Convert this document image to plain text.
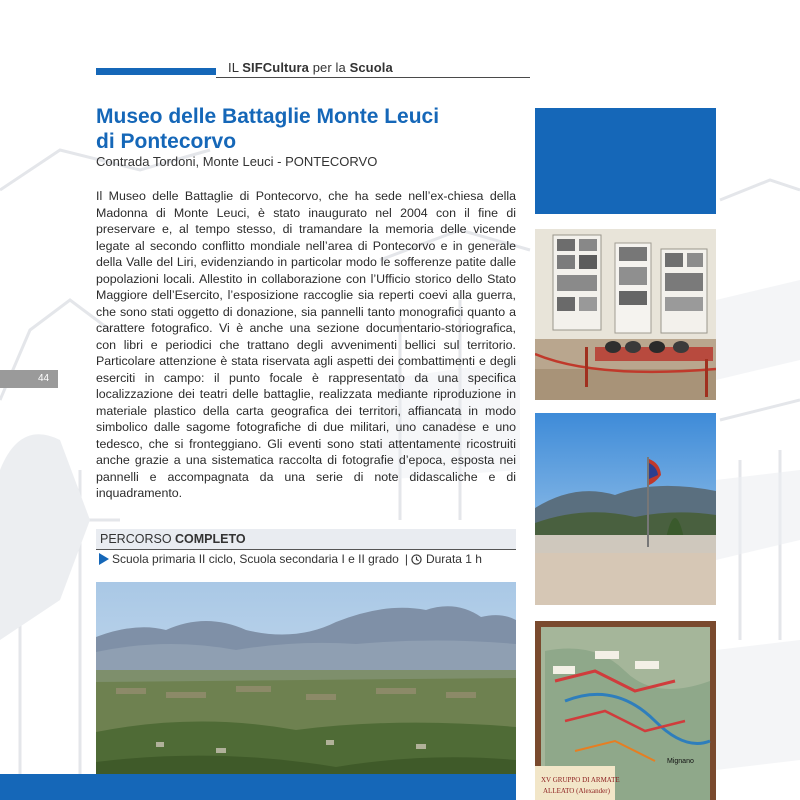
IL SIFCultura per la Scuola
Museo delle Battaglie Monte Leuci
di Pontecorvo
Contrada Tordoni, Monte Leuci - PONTECORVO

Il Museo delle Battaglie di Pontecorvo, che ha sede nell’ex-chiesa della Madonna di Monte Leuci, è stato inaugurato nel 2004 con il fine di preservare e, al tempo stesso, di tramandare la memoria delle vicende legate al secondo conflitto mondiale nell’area di Pontecorvo e in generale della Valle del Liri, evidenziando in particolar modo le sofferenze patite dalle popolazioni locali. Allestito in collaborazione con l’Ufficio storico dello Stato Maggiore dell’Esercito, l’esposizione raccoglie sia reperti coevi alla guerra, che sono stati oggetto di donazione, sia pannelli tanto monografici quanto a carattere fotografico. Vi è anche una sezione documentario-storiografica, con libri e periodici che trattano degli avvenimenti bellici sul territorio. Particolare attenzione è stata riservata agli aspetti dei combattimenti e degli eserciti in campo: il punto focale è rappresentato da una specifica localizzazione dei teatri delle battaglie, realizzata mediante riproduzione in materiale plastico della carta geografica dei territori, affiancata in modo simbolico dalle sagome fotografiche di due militari, uno canadese e uno tedesco, che si fronteggiano. Gli eventi sono stati attentamente ricostruiti anche grazie a una sistematica raccolta di fotografie d’epoca, esposta nei pannelli e accompagnata da una serie di note didascaliche e di inquadramento.

44
PERCORSO COMPLETO
Scuola primaria II ciclo, Scuola secondaria I e II grado | Durata 1 h
Mignano
XV GRUPPO DI ARMATE
ALLEATO (Alexander)
